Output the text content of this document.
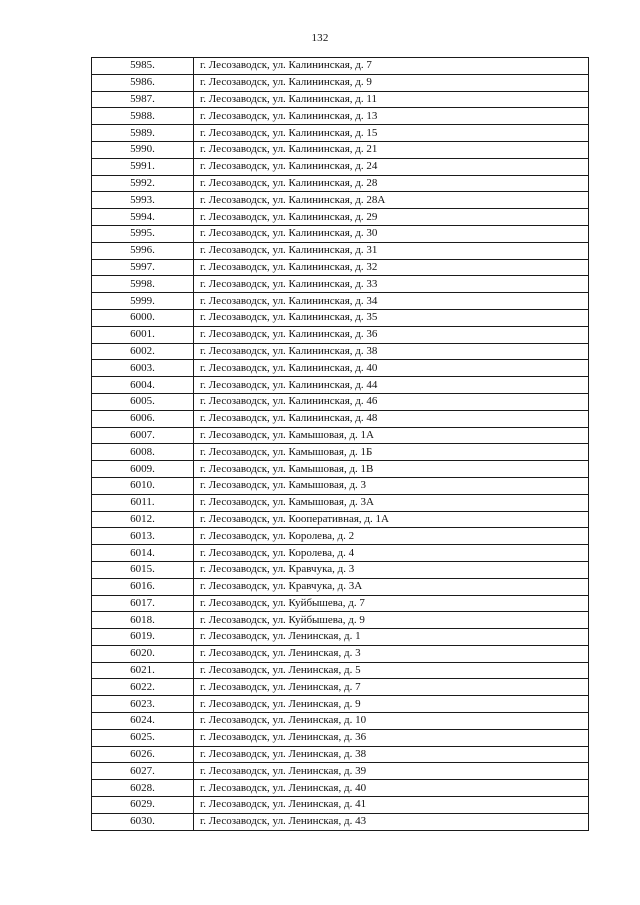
132
5985.	г. Лесозаводск, ул. Калининская, д. 7
5986.	г. Лесозаводск, ул. Калининская, д. 9
5987.	г. Лесозаводск, ул. Калининская, д. 11
5988.	г. Лесозаводск, ул. Калининская, д. 13
5989.	г. Лесозаводск, ул. Калининская, д. 15
5990.	г. Лесозаводск, ул. Калининская, д. 21
5991.	г. Лесозаводск, ул. Калининская, д. 24
5992.	г. Лесозаводск, ул. Калининская, д. 28
5993.	г. Лесозаводск, ул. Калининская, д. 28А
5994.	г. Лесозаводск, ул. Калининская, д. 29
5995.	г. Лесозаводск, ул. Калининская, д. 30
5996.	г. Лесозаводск, ул. Калининская, д. 31
5997.	г. Лесозаводск, ул. Калининская, д. 32
5998.	г. Лесозаводск, ул. Калининская, д. 33
5999.	г. Лесозаводск, ул. Калининская, д. 34
6000.	г. Лесозаводск, ул. Калининская, д. 35
6001.	г. Лесозаводск, ул. Калининская, д. 36
6002.	г. Лесозаводск, ул. Калининская, д. 38
6003.	г. Лесозаводск, ул. Калининская, д. 40
6004.	г. Лесозаводск, ул. Калининская, д. 44
6005.	г. Лесозаводск, ул. Калининская, д. 46
6006.	г. Лесозаводск, ул. Калининская, д. 48
6007.	г. Лесозаводск, ул. Камышовая, д. 1А
6008.	г. Лесозаводск, ул. Камышовая, д. 1Б
6009.	г. Лесозаводск, ул. Камышовая, д. 1В
6010.	г. Лесозаводск, ул. Камышовая, д. 3
6011.	г. Лесозаводск, ул. Камышовая, д. 3А
6012.	г. Лесозаводск, ул. Кооперативная, д. 1А
6013.	г. Лесозаводск, ул. Королева, д. 2
6014.	г. Лесозаводск, ул. Королева, д. 4
6015.	г. Лесозаводск, ул. Кравчука, д. 3
6016.	г. Лесозаводск, ул. Кравчука, д. 3А
6017.	г. Лесозаводск, ул. Куйбышева, д. 7
6018.	г. Лесозаводск, ул. Куйбышева, д. 9
6019.	г. Лесозаводск, ул. Ленинская, д. 1
6020.	г. Лесозаводск, ул. Ленинская, д. 3
6021.	г. Лесозаводск, ул. Ленинская, д. 5
6022.	г. Лесозаводск, ул. Ленинская, д. 7
6023.	г. Лесозаводск, ул. Ленинская, д. 9
6024.	г. Лесозаводск, ул. Ленинская, д. 10
6025.	г. Лесозаводск, ул. Ленинская, д. 36
6026.	г. Лесозаводск, ул. Ленинская, д. 38
6027.	г. Лесозаводск, ул. Ленинская, д. 39
6028.	г. Лесозаводск, ул. Ленинская, д. 40
6029.	г. Лесозаводск, ул. Ленинская, д. 41
6030.	г. Лесозаводск, ул. Ленинская, д. 43
